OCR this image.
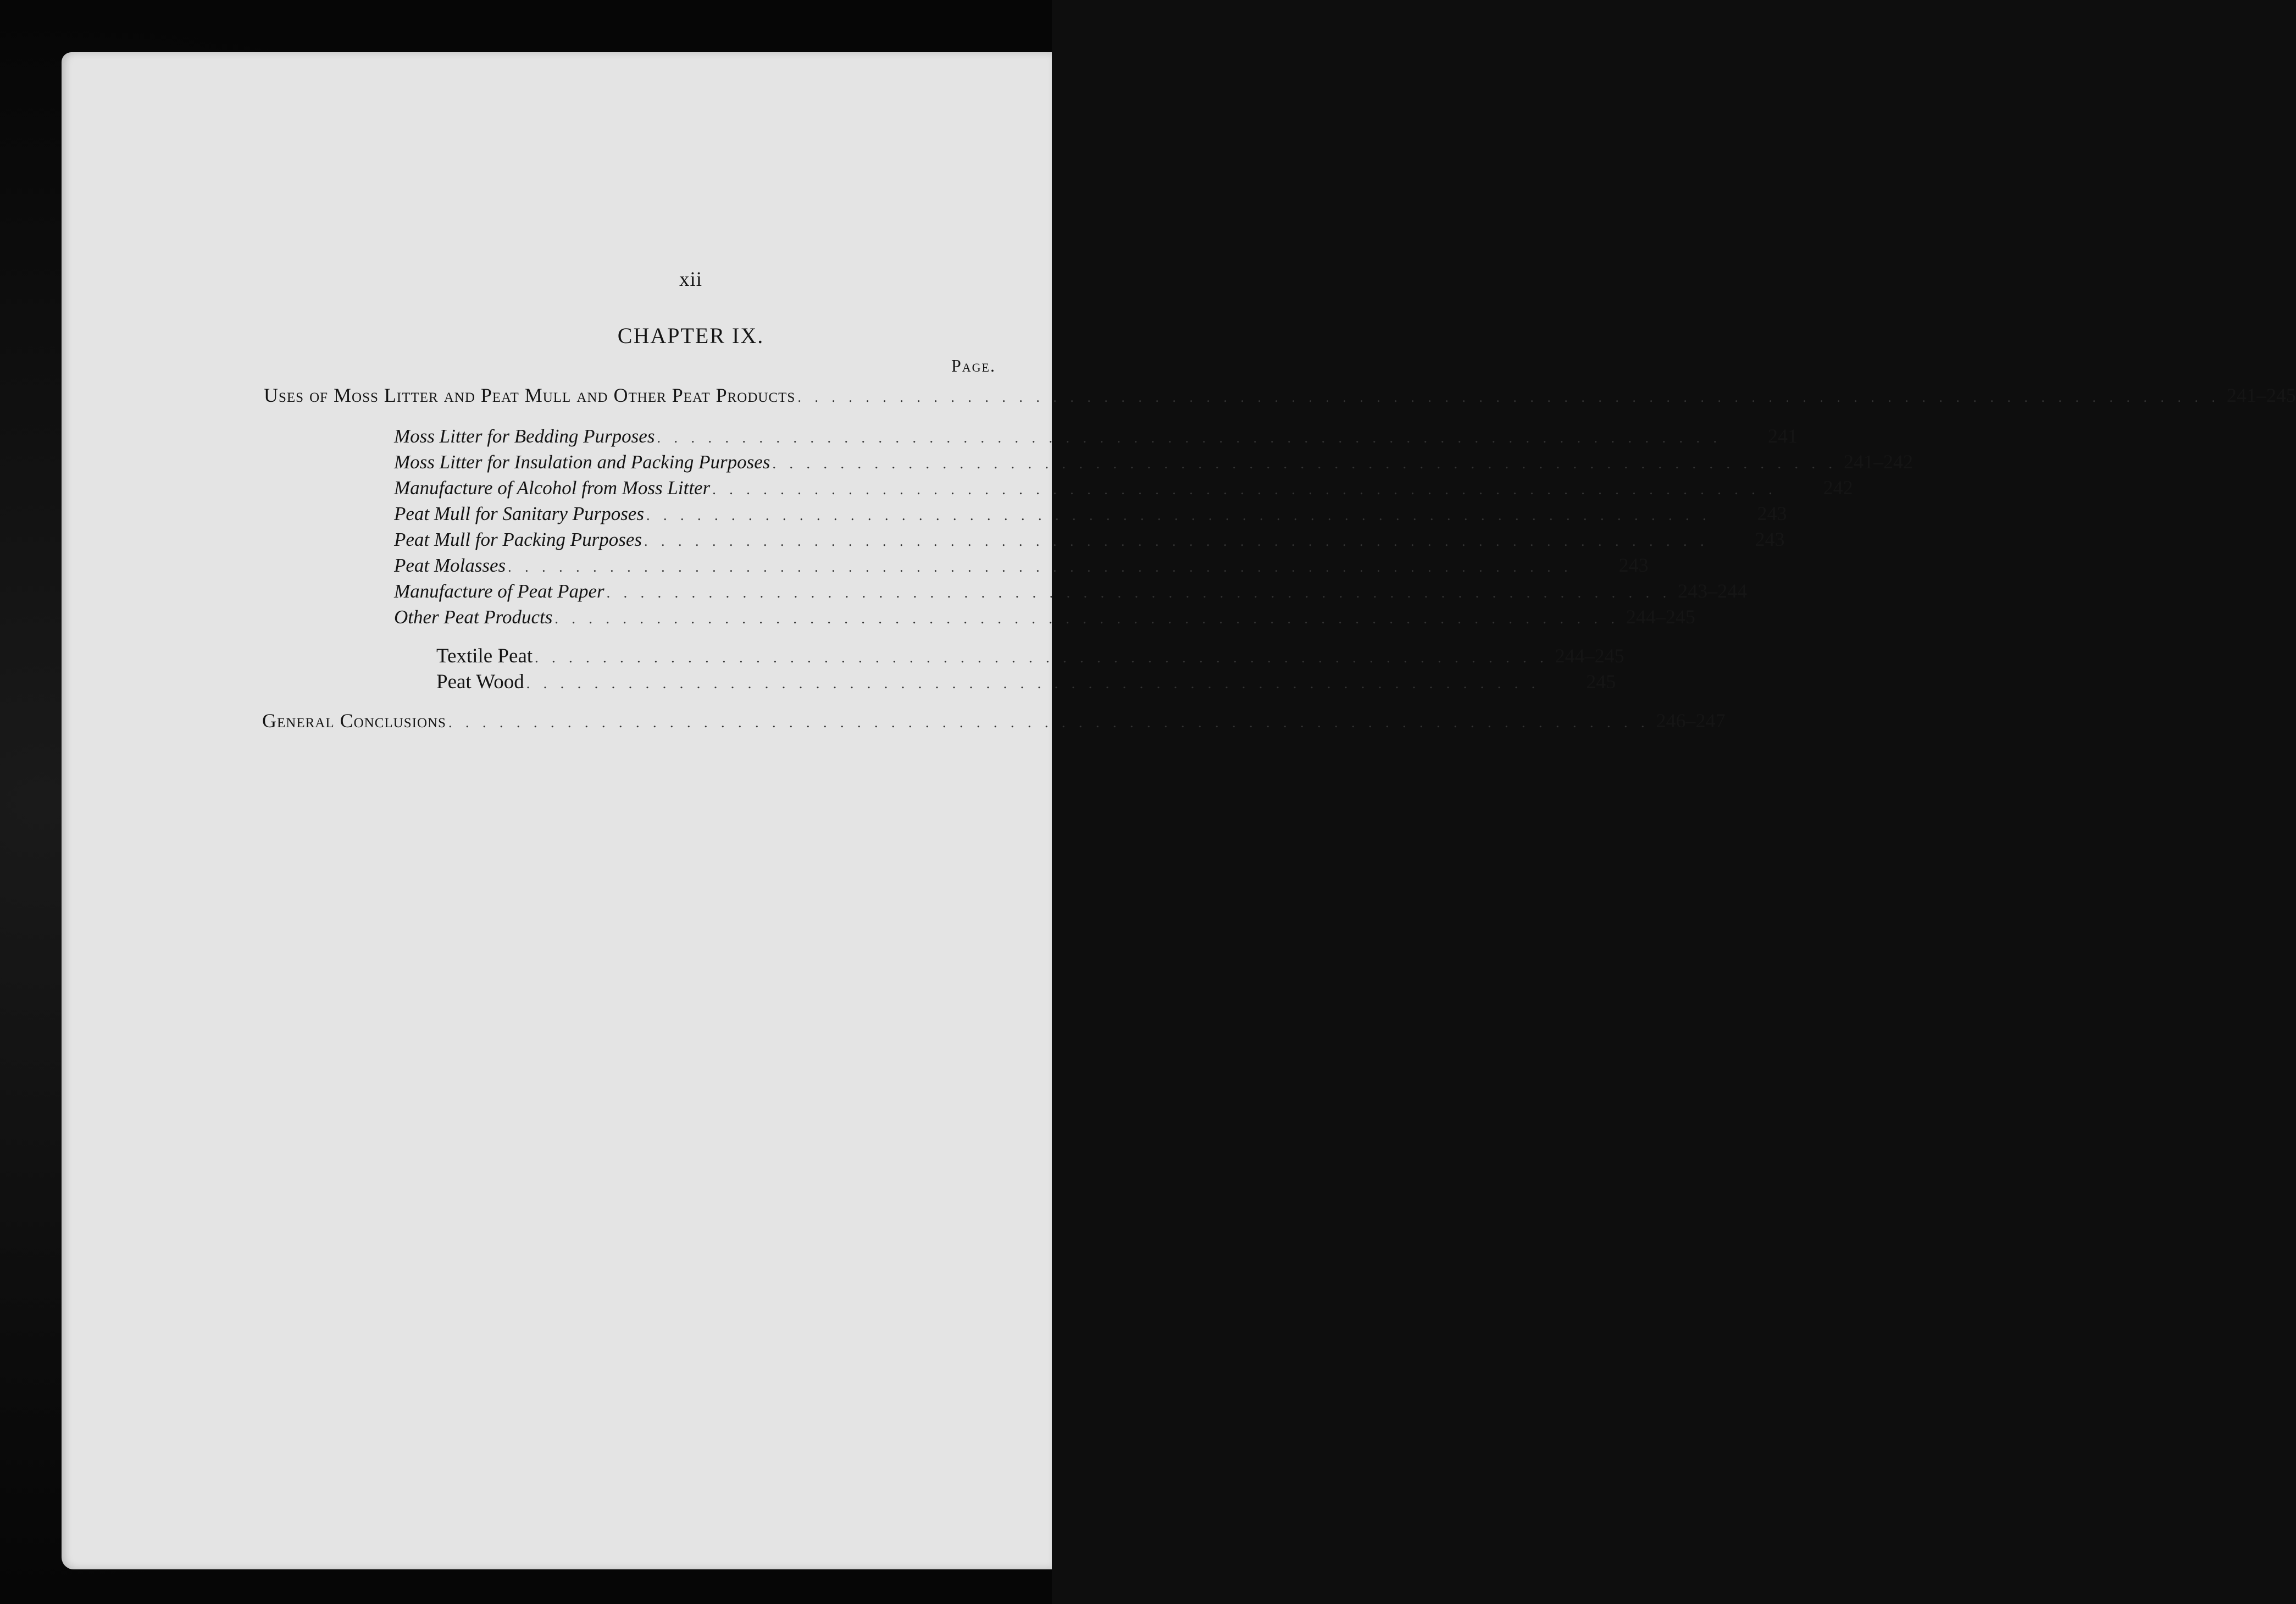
xii
CHAPTER IX.
Page.
Uses of Moss Litter and Peat Mull and Other Peat Products . . . . . . . . . . . . . . . . . . . . . . . . . . . . . . . . . . . . . . . . . . . . . . . . . . . . . . . . . . . . . . . . . . . . . . . . . . . . . . . . . . . . 241–245
Moss Litter for Bedding Purposes . . . . . . . . . . . . . . . . . . . . . . . . . . . . . . . . . . . . . . . . . . . . . . . . . . . . . . . . . . . . . . .	241
Moss Litter for Insulation and Packing Purposes . . . . . . . . . . . . . . . . . . . . . . . . . . . . . . . . . . . . . . . . . . . . . . . . . . . . . . . . . . . . . . . 241–242
Manufacture of Alcohol from Moss Litter . . . . . . . . . . . . . . . . . . . . . . . . . . . . . . . . . . . . . . . . . . . . . . . . . . . . . . . . . . . . . . .	242
Peat Mull for Sanitary Purposes . . . . . . . . . . . . . . . . . . . . . . . . . . . . . . . . . . . . . . . . . . . . . . . . . . . . . . . . . . . . . . .	243
Peat Mull for Packing Purposes . . . . . . . . . . . . . . . . . . . . . . . . . . . . . . . . . . . . . . . . . . . . . . . . . . . . . . . . . . . . . . .	243
Peat Molasses . . . . . . . . . . . . . . . . . . . . . . . . . . . . . . . . . . . . . . . . . . . . . . . . . . . . . . . . . . . . . . .	243
Manufacture of Peat Paper . . . . . . . . . . . . . . . . . . . . . . . . . . . . . . . . . . . . . . . . . . . . . . . . . . . . . . . . . . . . . . . 243–244
Other Peat Products . . . . . . . . . . . . . . . . . . . . . . . . . . . . . . . . . . . . . . . . . . . . . . . . . . . . . . . . . . . . . . . 244–245
Textile Peat . . . . . . . . . . . . . . . . . . . . . . . . . . . . . . . . . . . . . . . . . . . . . . . . . . . . . . . . . . . . 244–245
Peat Wood . . . . . . . . . . . . . . . . . . . . . . . . . . . . . . . . . . . . . . . . . . . . . . . . . . . . . . . . . . . .	245
General Conclusions . . . . . . . . . . . . . . . . . . . . . . . . . . . . . . . . . . . . . . . . . . . . . . . . . . . . . . . . . . . . . . . . . . . . . . . 246–247
